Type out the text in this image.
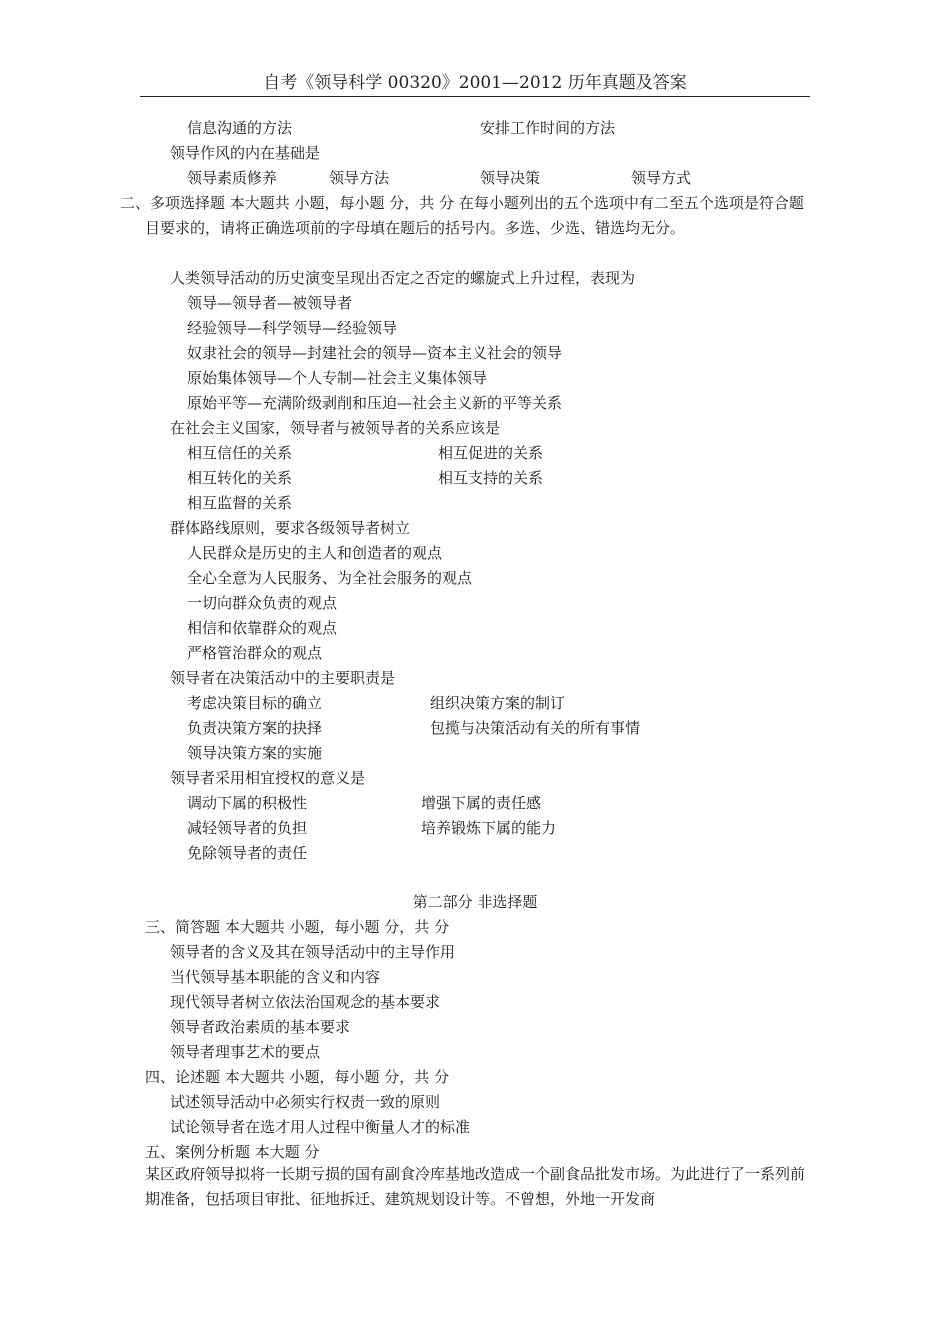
自考《领导科学 00320》2001—2012 历年真题及答案
信息沟通的方法	安排工作时间的方法
领导作风的内在基础是
领导素质修养	领导方法	领导决策	领导方式
二、多项选择题 本大题共 小题，每小题 分，共 分 在每小题列出的五个选项中有二至五个选项是符合题目要求的，请将正确选项前的字母填在题后的括号内。多选、少选、错选均无分。
人类领导活动的历史演变呈现出否定之否定的螺旋式上升过程，表现为
领导—领导者—被领导者
经验领导—科学领导—经验领导
奴隶社会的领导—封建社会的领导—资本主义社会的领导
原始集体领导—个人专制—社会主义集体领导
原始平等—充满阶级剥削和压迫—社会主义新的平等关系
在社会主义国家，领导者与被领导者的关系应该是
相互信任的关系	相互促进的关系
相互转化的关系	相互支持的关系
相互监督的关系
群体路线原则，要求各级领导者树立
人民群众是历史的主人和创造者的观点
全心全意为人民服务、为全社会服务的观点
一切向群众负责的观点
相信和依靠群众的观点
严格管治群众的观点
领导者在决策活动中的主要职责是
考虑决策目标的确立	组织决策方案的制订
负责决策方案的抉择	包揽与决策活动有关的所有事情
领导决策方案的实施
领导者采用相宜授权的意义是
调动下属的积极性	增强下属的责任感
减轻领导者的负担	培养锻炼下属的能力
免除领导者的责任
第二部分 非选择题
三、简答题 本大题共 小题，每小题 分，共 分
领导者的含义及其在领导活动中的主导作用
当代领导基本职能的含义和内容
现代领导者树立依法治国观念的基本要求
领导者政治素质的基本要求
领导者理事艺术的要点
四、论述题 本大题共 小题，每小题 分，共 分
试述领导活动中必须实行权责一致的原则
试论领导者在选才用人过程中衡量人才的标准
五、案例分析题 本大题 分
某区政府领导拟将一长期亏损的国有副食冷库基地改造成一个副食品批发市场。为此进行了一系列前期准备，包括项目审批、征地拆迁、建筑规划设计等。不曾想，外地一开发商
